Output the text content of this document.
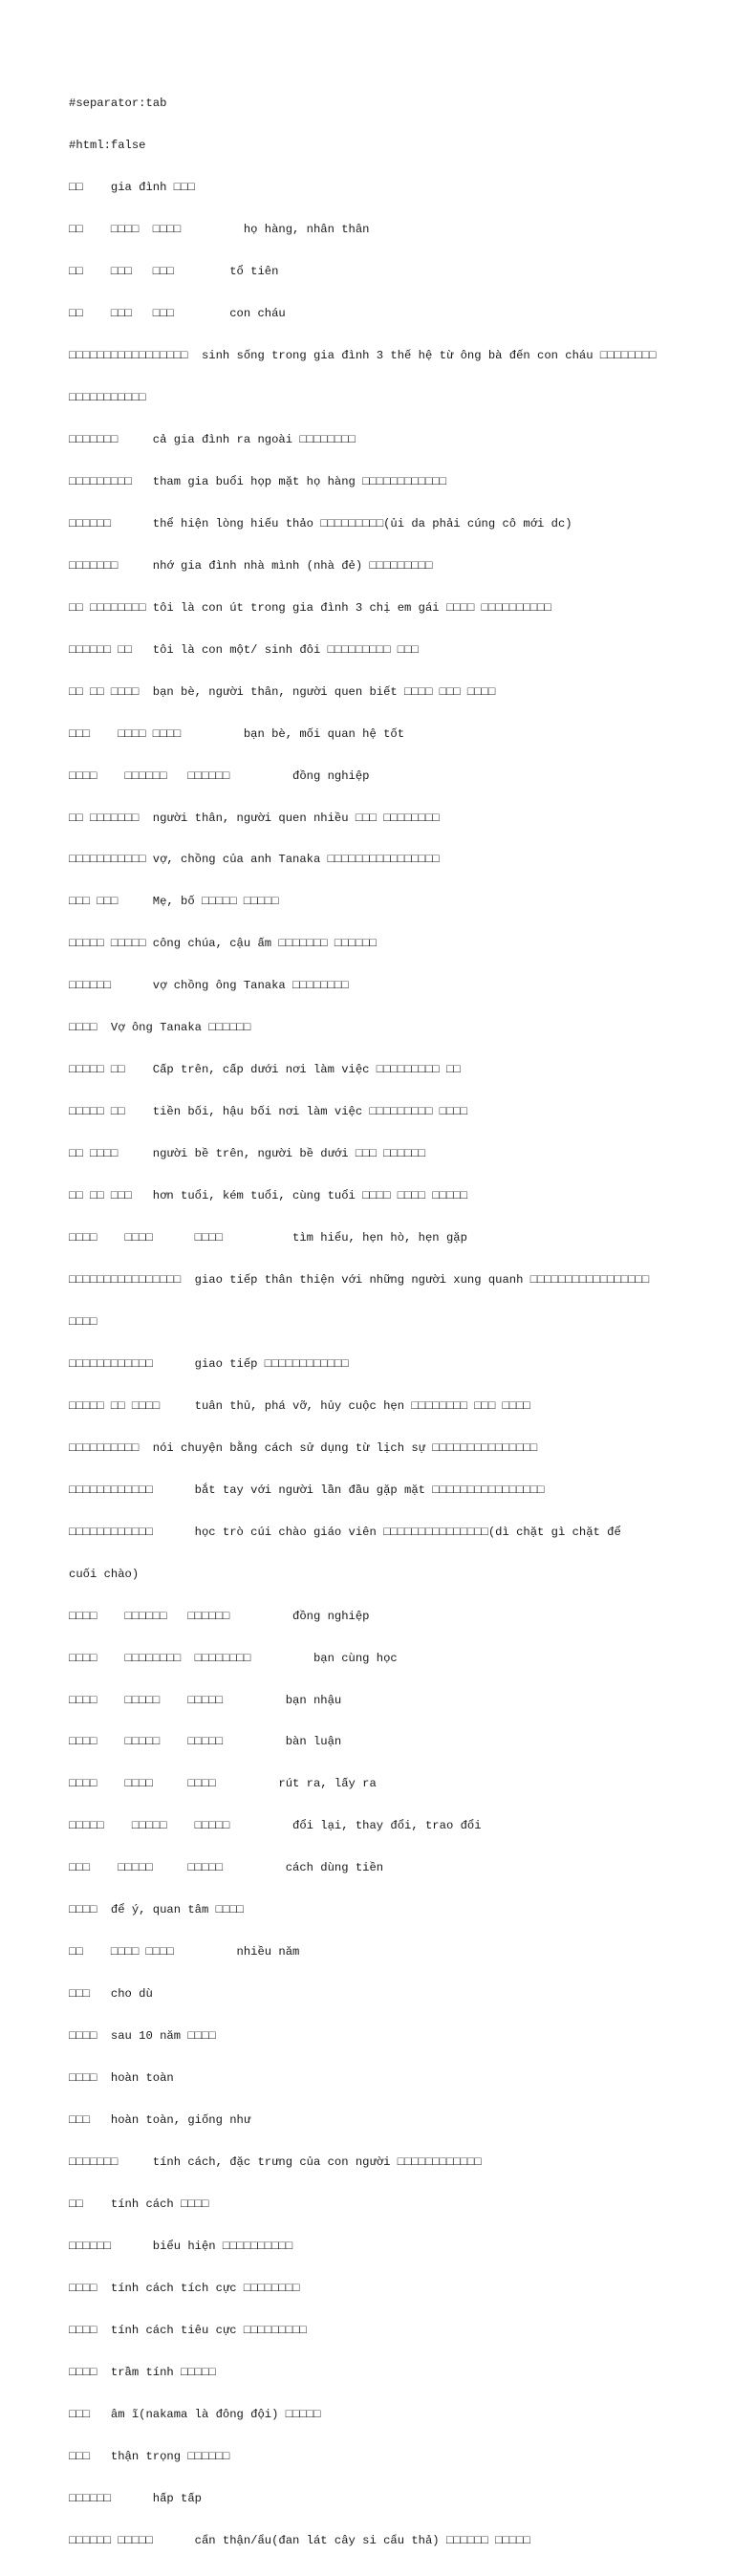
#separator:tab

#html:false

□□    gia đình □□□

□□    □□□□  □□□□         họ hàng, nhân thân

□□    □□□   □□□        tổ tiên

□□    □□□   □□□        con cháu

□□□□□□□□□□□□□□□□□  sinh sống trong gia đình 3 thế hệ từ ông bà đến con cháu □□□□□□□□

□□□□□□□□□□□

□□□□□□□     cả gia đình ra ngoài □□□□□□□□

□□□□□□□□□   tham gia buổi họp mặt họ hàng □□□□□□□□□□□□

□□□□□□      thể hiện lòng hiếu thảo □□□□□□□□□(ủi da phải cúng cô mới dc)

□□□□□□□     nhớ gia đình nhà mình (nhà đẻ) □□□□□□□□□

□□ □□□□□□□□ tôi là con út trong gia đình 3 chị em gái □□□□ □□□□□□□□□□

□□□□□□ □□   tôi là con một/ sinh đôi □□□□□□□□□ □□□

□□ □□ □□□□  bạn bè, người thân, người quen biết □□□□ □□□ □□□□

□□□    □□□□ □□□□         bạn bè, mối quan hệ tốt

□□□□    □□□□□□   □□□□□□         đồng nghiệp

□□ □□□□□□□  người thân, người quen nhiều □□□ □□□□□□□□

□□□□□□□□□□□ vợ, chồng của anh Tanaka □□□□□□□□□□□□□□□□

□□□ □□□     Mẹ, bố □□□□□ □□□□□

□□□□□ □□□□□ công chúa, cậu ấm □□□□□□□ □□□□□□

□□□□□□      vợ chồng ông Tanaka □□□□□□□□

□□□□  Vợ ông Tanaka □□□□□□

□□□□□ □□    Cấp trên, cấp dưới nơi làm việc □□□□□□□□□ □□

□□□□□ □□    tiền bối, hậu bối nơi làm việc □□□□□□□□□ □□□□

□□ □□□□     người bề trên, người bề dưới □□□ □□□□□□

□□ □□ □□□   hơn tuổi, kém tuổi, cùng tuổi □□□□ □□□□ □□□□□

□□□□    □□□□      □□□□          tìm hiểu, hẹn hò, hẹn gặp

□□□□□□□□□□□□□□□□  giao tiếp thân thiện với những người xung quanh □□□□□□□□□□□□□□□□□

□□□□

□□□□□□□□□□□□      giao tiếp □□□□□□□□□□□□

□□□□□ □□ □□□□     tuân thủ, phá vỡ, hủy cuộc hẹn □□□□□□□□ □□□ □□□□

□□□□□□□□□□  nói chuyện bằng cách sử dụng từ lịch sự □□□□□□□□□□□□□□□

□□□□□□□□□□□□      bắt tay với người lần đầu gặp mặt □□□□□□□□□□□□□□□□

□□□□□□□□□□□□      học trò cúi chào giáo viên □□□□□□□□□□□□□□□(dì chặt gì chặt để

cuối chào)

□□□□    □□□□□□   □□□□□□         đồng nghiệp

□□□□    □□□□□□□□  □□□□□□□□         bạn cùng học

□□□□    □□□□□    □□□□□         bạn nhậu

□□□□    □□□□□    □□□□□         bàn luận

□□□□    □□□□     □□□□         rút ra, lấy ra

□□□□□    □□□□□    □□□□□         đổi lại, thay đổi, trao đổi

□□□    □□□□□     □□□□□         cách dùng tiền

□□□□  để ý, quan tâm □□□□

□□    □□□□ □□□□         nhiều năm

□□□   cho dù

□□□□  sau 10 năm □□□□

□□□□  hoàn toàn

□□□   hoàn toàn, giống như

□□□□□□□     tính cách, đặc trưng của con người □□□□□□□□□□□□

□□    tính cách □□□□

□□□□□□      biểu hiện □□□□□□□□□□

□□□□  tính cách tích cực □□□□□□□□

□□□□  tính cách tiêu cực □□□□□□□□□

□□□□  trầm tính □□□□□

□□□   âm ĩ(nakama là đông đội) □□□□□

□□□   thận trọng □□□□□□

□□□□□□      hấp tấp

□□□□□□ □□□□□      cẩn thận/ẩu(đan lát cây si cẩu thả) □□□□□□ □□□□□
